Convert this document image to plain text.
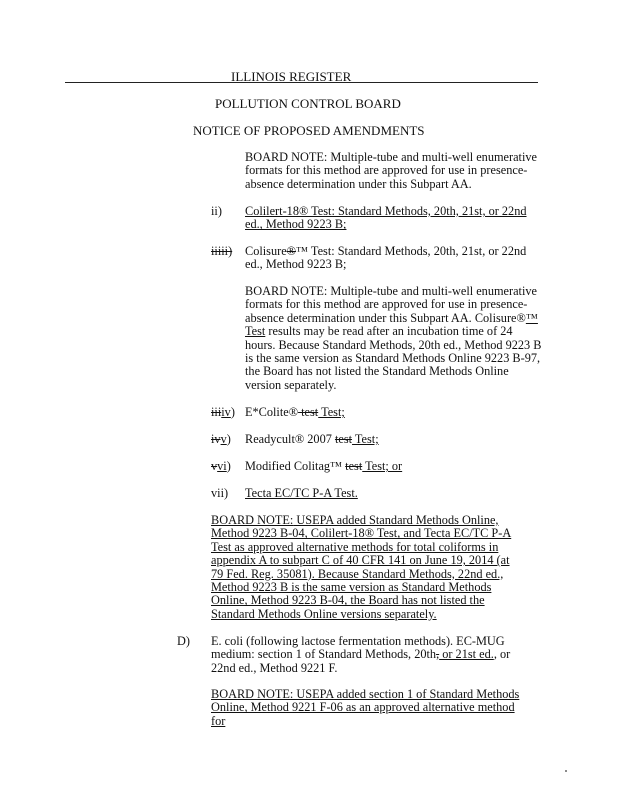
ILLINOIS REGISTER
POLLUTION CONTROL BOARD
NOTICE OF PROPOSED AMENDMENTS
BOARD NOTE: Multiple-tube and multi-well enumerative formats for this method are approved for use in presence-absence determination under this Subpart AA.
ii) Colilert-18® Test: Standard Methods, 20th, 21st, or 22nd ed., Method 9223 B;
iiiii) Colisure®™ Test: Standard Methods, 20th, 21st, or 22nd ed., Method 9223 B;
BOARD NOTE: Multiple-tube and multi-well enumerative formats for this method are approved for use in presence-absence determination under this Subpart AA. Colisure®™ Test results may be read after an incubation time of 24 hours. Because Standard Methods, 20th ed., Method 9223 B is the same version as Standard Methods Online 9223 B-97, the Board has not listed the Standard Methods Online version separately.
iiiiv) E*Colite® test Test;
ivv) Readycult® 2007 test Test;
vvi) Modified Colitag™ test Test; or
vii) Tecta EC/TC P-A Test.
BOARD NOTE: USEPA added Standard Methods Online, Method 9223 B-04, Colilert-18® Test, and Tecta EC/TC P-A Test as approved alternative methods for total coliforms in appendix A to subpart C of 40 CFR 141 on June 19, 2014 (at 79 Fed. Reg. 35081). Because Standard Methods, 22nd ed., Method 9223 B is the same version as Standard Methods Online, Method 9223 B-04, the Board has not listed the Standard Methods Online versions separately.
D) E. coli (following lactose fermentation methods). EC-MUG medium: section 1 of Standard Methods, 20th, or 21st ed., or 22nd ed., Method 9221 F.
BOARD NOTE: USEPA added section 1 of Standard Methods Online, Method 9221 F-06 as an approved alternative method for
